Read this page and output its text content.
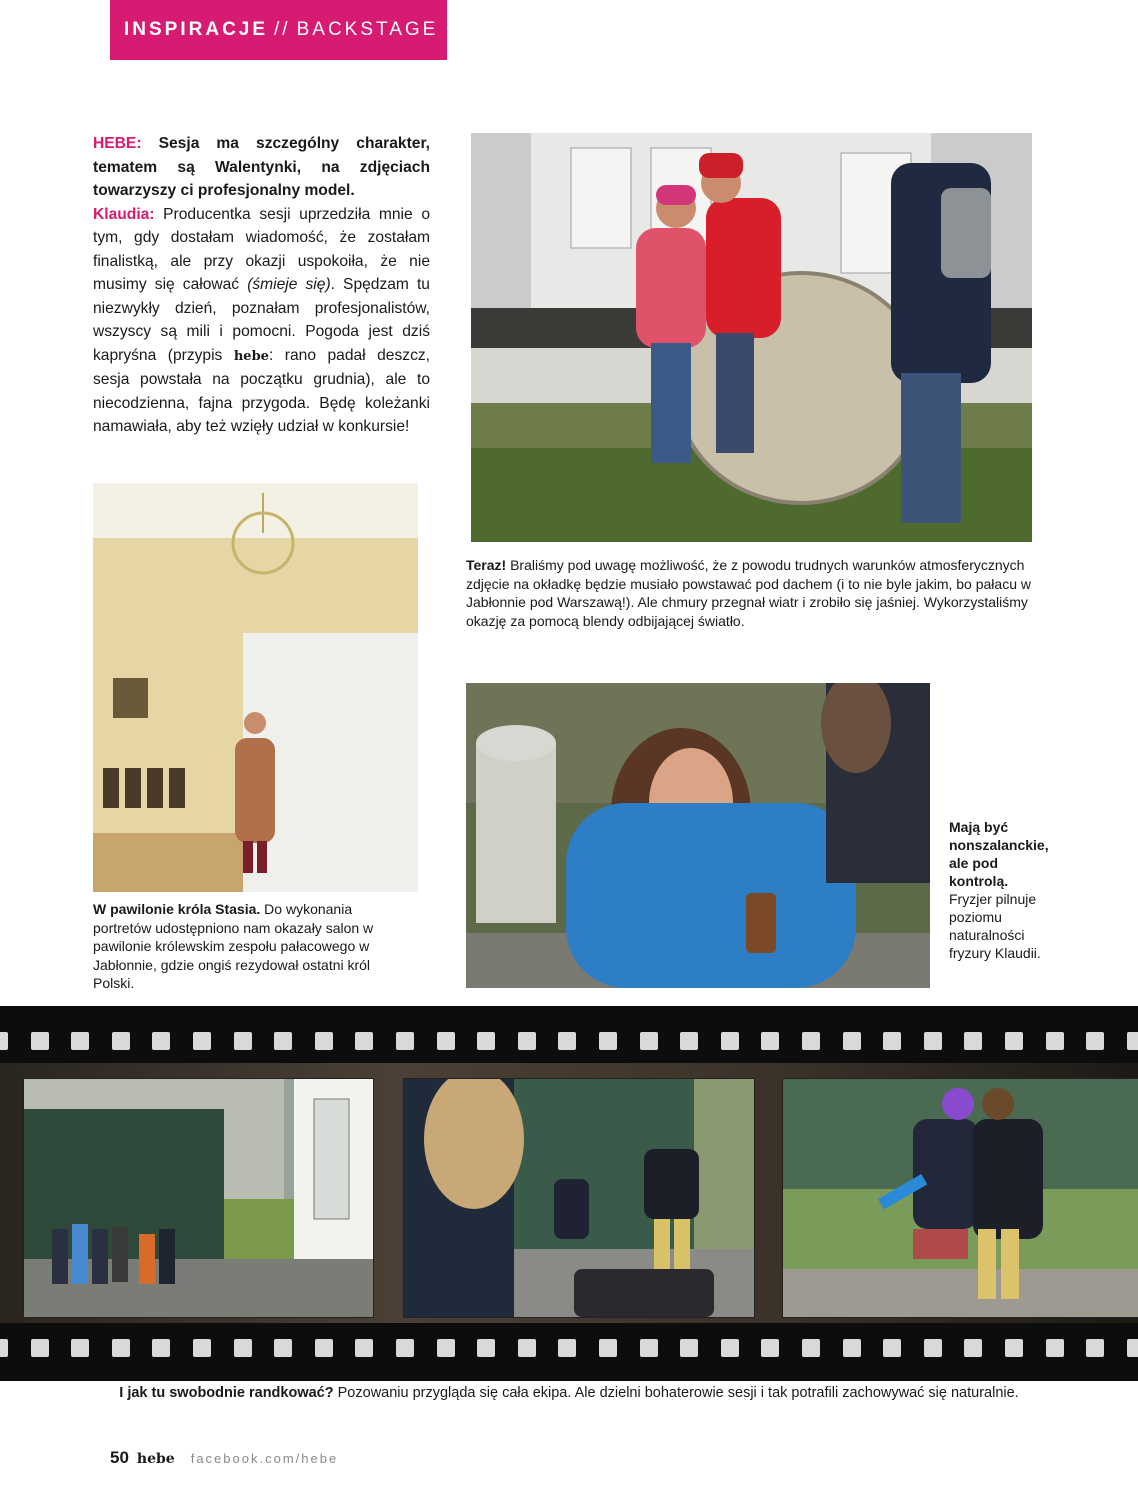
INSPIRACJE // BACKSTAGE

HEBE: Sesja ma szczególny charakter, tematem są Walentynki, na zdjęciach towarzyszy ci profesjonalny model.

Klaudia: Producentka sesji uprzedziła mnie o tym, gdy dostałam wiadomość, że zostałam finalistką, ale przy okazji uspokoiła, że nie musimy się całować (śmieje się). Spędzam tu niezwykły dzień, poznałam profesjonalistów, wszyscy są mili i pomocni. Pogoda jest dziś kapryśna (przypis hebe: rano padał deszcz, sesja powstała na początku grudnia), ale to niecodzienna, fajna przygoda. Będę koleżanki namawiała, aby też wzięły udział w konkursie!

Teraz! Braliśmy pod uwagę możliwość, że z powodu trudnych warunków atmosferycznych zdjęcie na okładkę będzie musiało powstawać pod dachem (i to nie byle jakim, bo pałacu w Jabłonnie pod Warszawą!). Ale chmury przegnał wiatr i zrobiło się jaśniej. Wykorzystaliśmy okazję za pomocą blendy odbijającej światło.
W pawilonie króla Stasia. Do wykonania portretów udostępniono nam okazały salon w pawilonie królewskim zespołu pałacowego w Jabłonnie, gdzie ongiś rezydował ostatni król Polski.
Mają być nonszalanckie, ale pod kontrolą. Fryzjer pilnuje poziomu naturalności fryzury Klaudii.
I jak tu swobodnie randkować? Pozowaniu przygląda się cała ekipa. Ale dzielni bohaterowie sesji i tak potrafili zachowywać się naturalnie.
50 hebe facebook.com/hebe
